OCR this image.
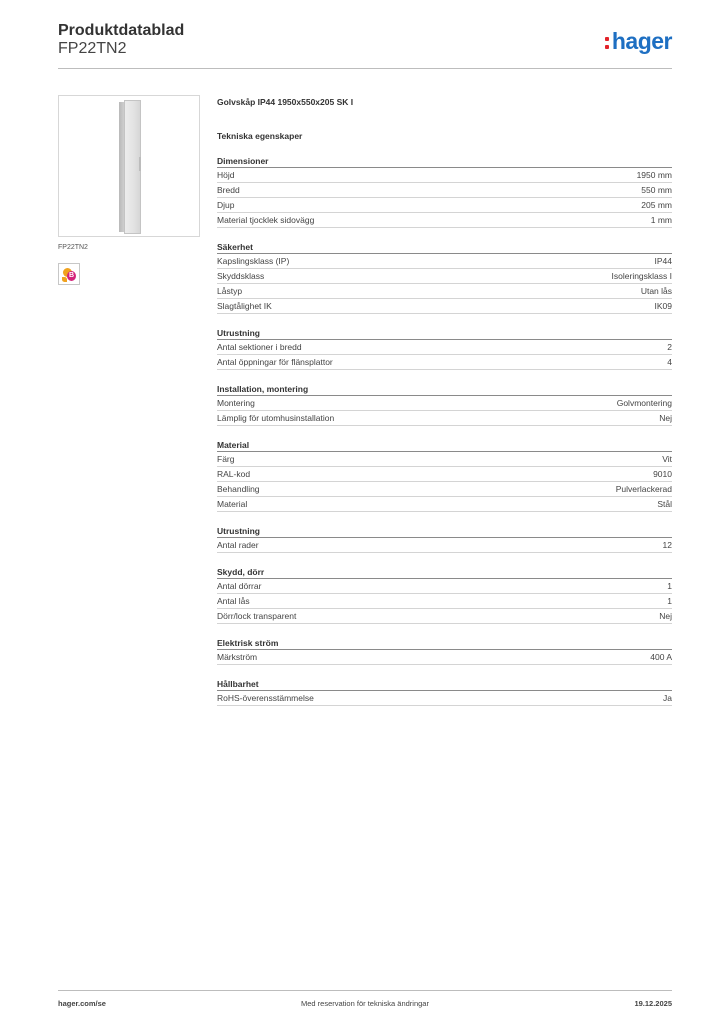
Produktdatablad
FP22TN2	hager
FP22TN2
B
Golvskåp IP44 1950x550x205 SK I
Tekniska egenskaper
Dimensioner
Höjd	1950 mm
Bredd	550 mm
Djup	205 mm
Material tjocklek sidovägg	1 mm
Säkerhet
Kapslingsklass (IP)	IP44
Skyddsklass	Isoleringsklass I
Låstyp	Utan lås
Slagtålighet IK	IK09
Utrustning
Antal sektioner i bredd	2
Antal öppningar för flänsplattor	4
Installation, montering
Montering	Golvmontering
Lämplig för utomhusinstallation	Nej
Material
Färg	Vit
RAL-kod	9010
Behandling	Pulverlackerad
Material	Stål
Utrustning
Antal rader	12
Skydd, dörr
Antal dörrar	1
Antal lås	1
Dörr/lock transparent	Nej
Elektrisk ström
Märkström	400 A
Hållbarhet
RoHS-överensstämmelse	Ja
hager.com/se	Med reservation för tekniska ändringar	19.12.2025
